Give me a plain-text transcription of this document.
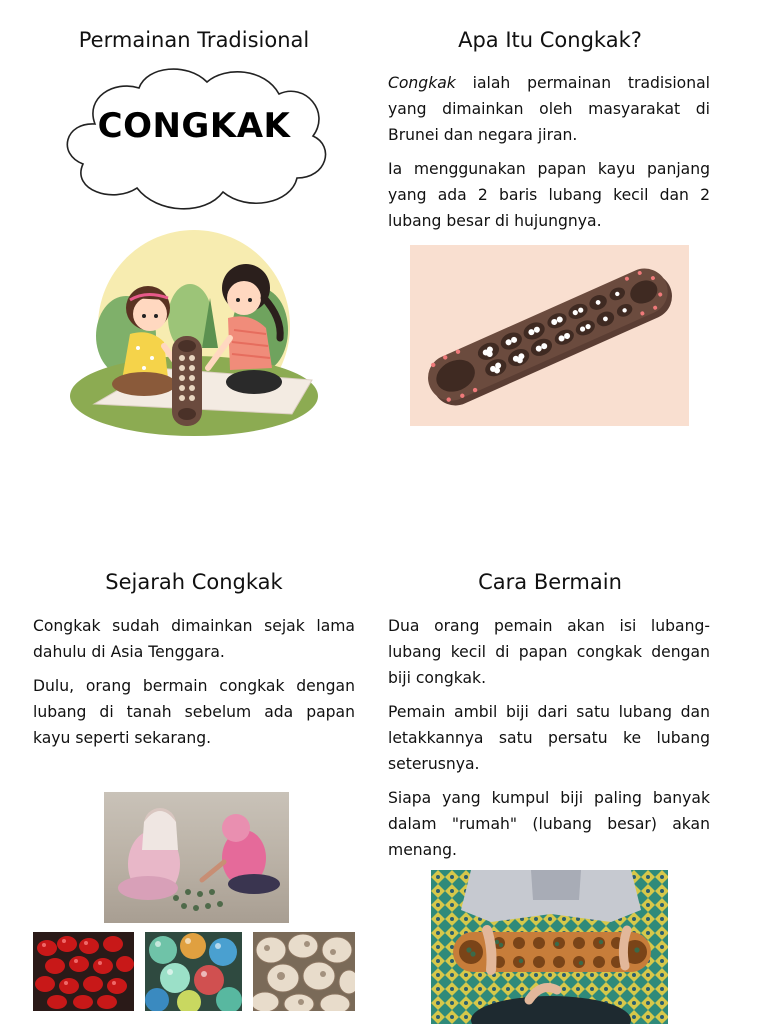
Permainan Tradisional
CONGKAK
Apa Itu Congkak?

Congkak ialah permainan tradisional yang dimainkan oleh masyarakat di Brunei dan negara jiran.

Ia menggunakan papan kayu panjang yang ada 2 baris lubang kecil dan 2 lubang besar di hujungnya.

Sejarah Congkak

Congkak sudah dimainkan sejak lama dahulu di Asia Tenggara.

Dulu, orang bermain congkak dengan lubang di tanah sebelum ada papan kayu seperti sekarang.

Cara Bermain

Dua orang pemain akan isi lubang-lubang kecil di papan congkak dengan biji congkak.

Pemain ambil biji dari satu lubang dan letakkannya satu persatu ke lubang seterusnya.

Siapa yang kumpul biji paling banyak dalam "rumah" (lubang besar) akan menang.
